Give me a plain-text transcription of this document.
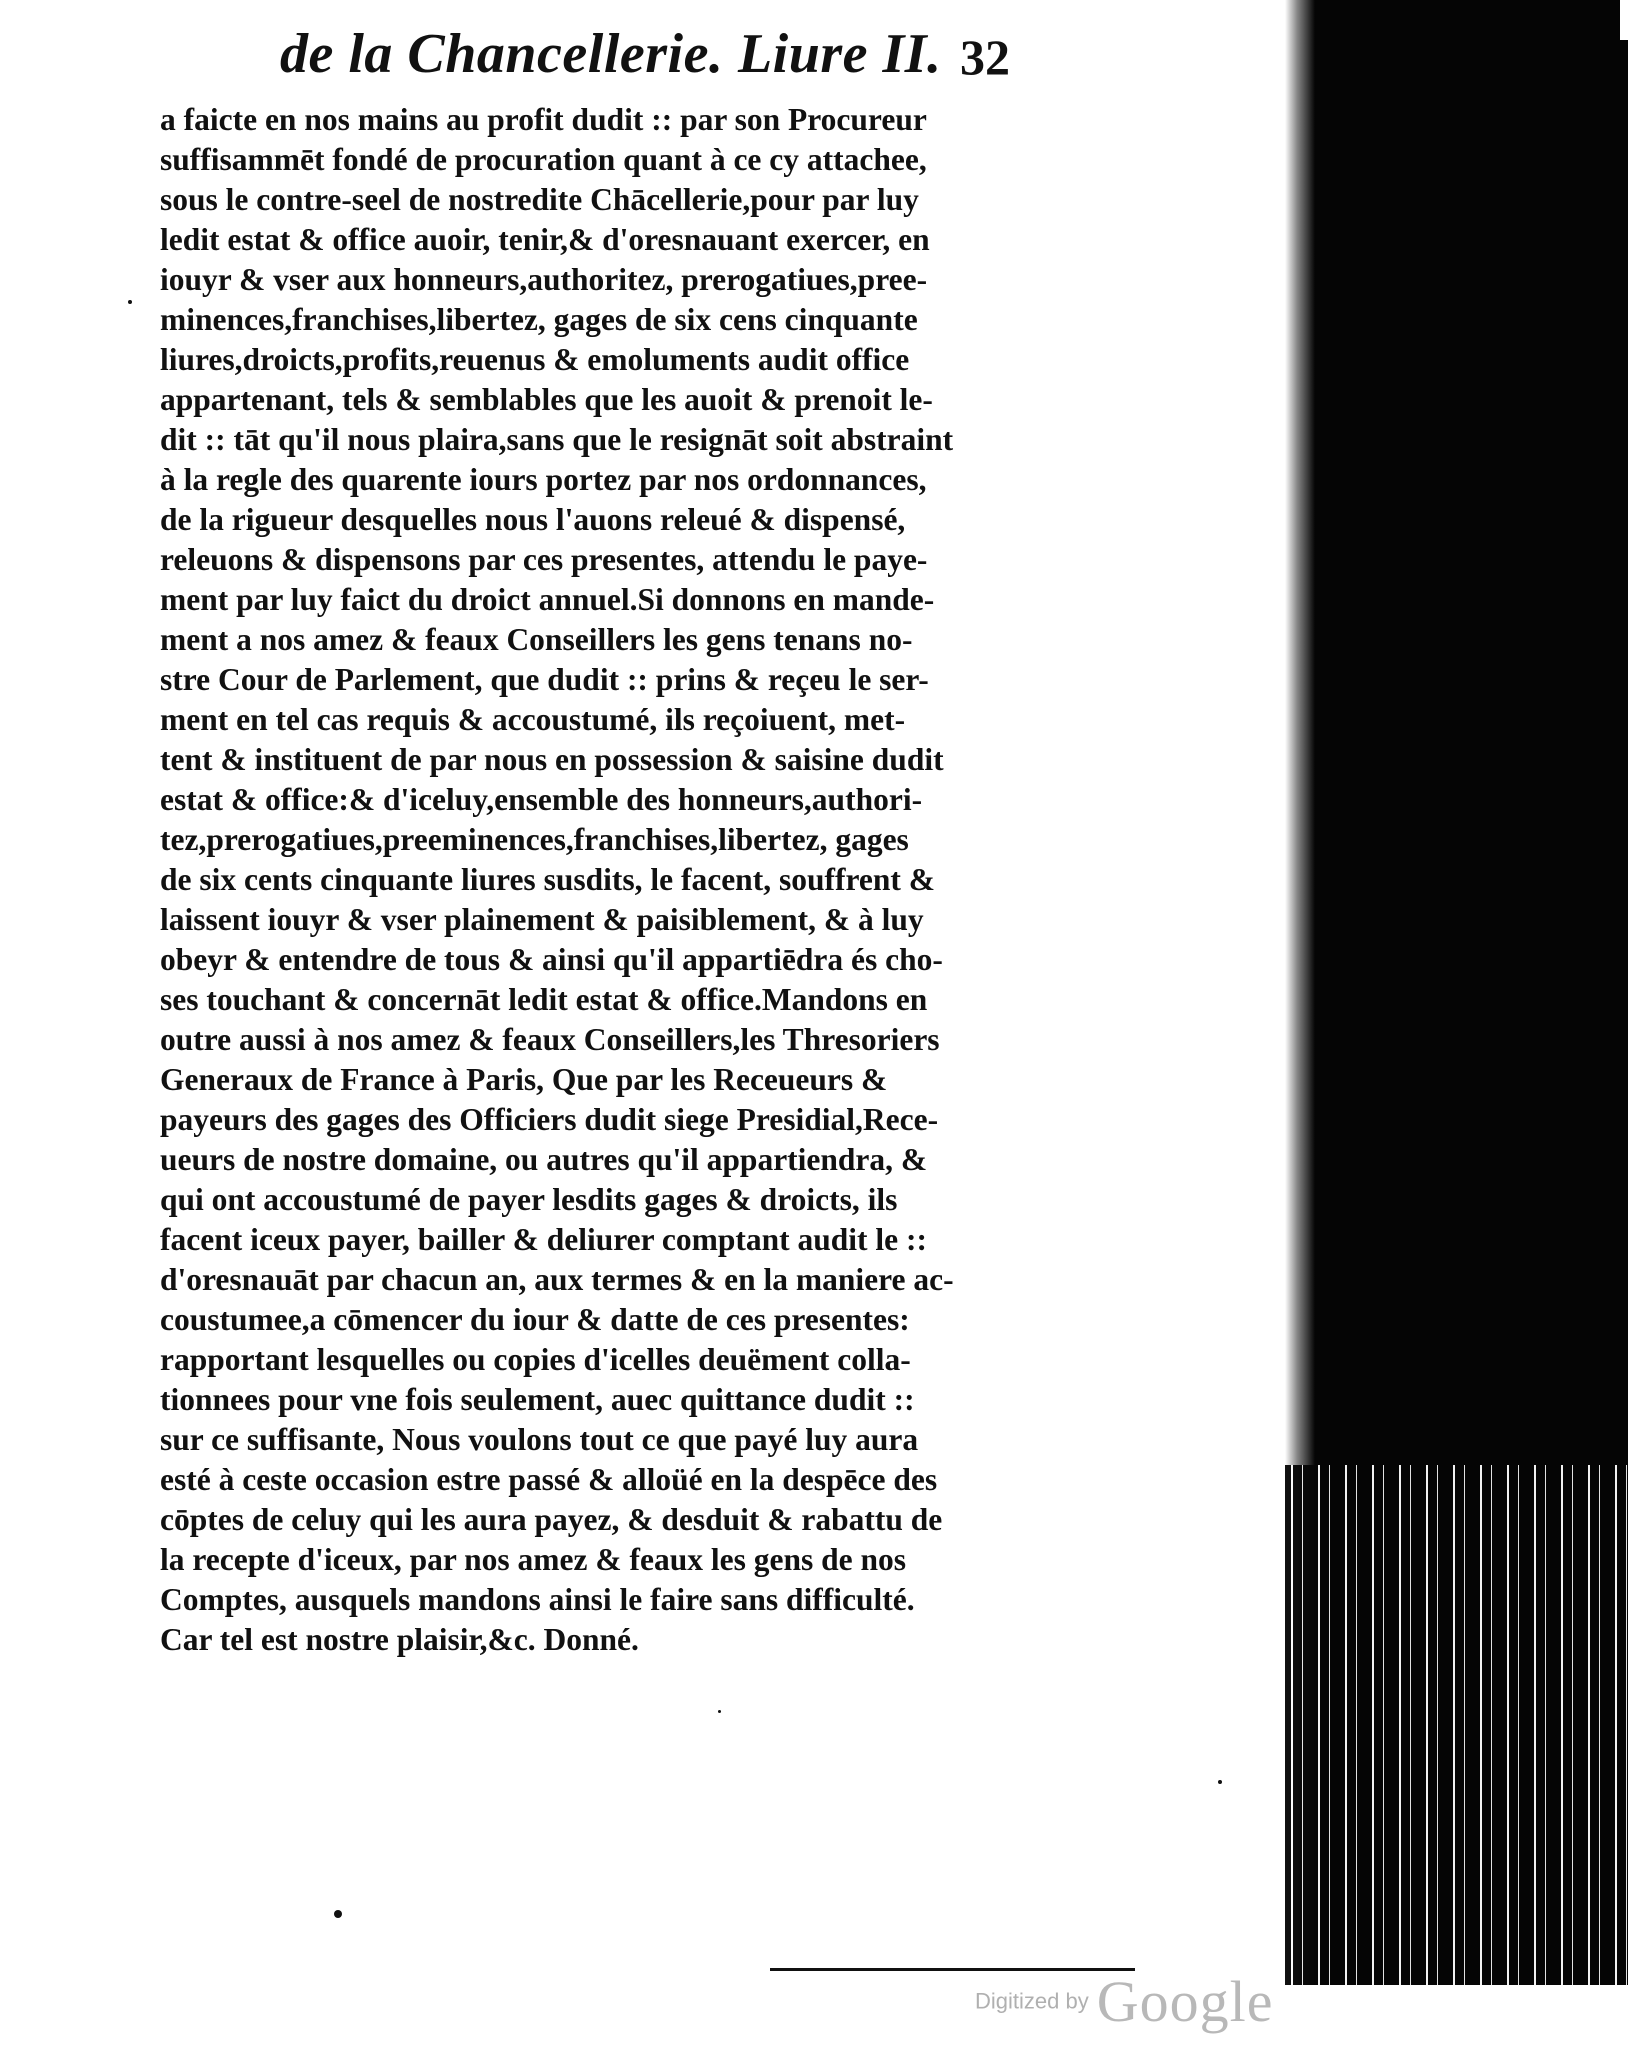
de la Chancellerie. Liure II. 32
a faicte en nos mains au profit dudit :: par son Procureur
suffisammēt fondé de procuration quant à ce cy attachee,
sous le contre-seel de nostredite Chācellerie,pour par luy
ledit estat & office auoir, tenir,& d'oresnauant exercer, en
iouyr & vser aux honneurs,authoritez, prerogatiues,pree-
minences,franchises,libertez, gages de six cens cinquante
liures,droicts,profits,reuenus & emoluments audit office
appartenant, tels & semblables que les auoit & prenoit le-
dit :: tāt qu'il nous plaira,sans que le resignāt soit abstraint
à la regle des quarente iours portez par nos ordonnances,
de la rigueur desquelles nous l'auons releué & dispensé,
releuons & dispensons par ces presentes, attendu le paye-
ment par luy faict du droict annuel.Si donnons en mande-
ment a nos amez & feaux Conseillers les gens tenans no-
stre Cour de Parlement, que dudit :: prins & reçeu le ser-
ment en tel cas requis & accoustumé, ils reçoiuent, met-
tent & instituent de par nous en possession & saisine dudit
estat & office:& d'iceluy,ensemble des honneurs,authori-
tez,prerogatiues,preeminences,franchises,libertez, gages
de six cents cinquante liures susdits, le facent, souffrent &
laissent iouyr & vser plainement & paisiblement, & à luy
obeyr & entendre de tous & ainsi qu'il appartiēdra és cho-
ses touchant & concernāt ledit estat & office.Mandons en
outre aussi à nos amez & feaux Conseillers,les Thresoriers
Generaux de France à Paris, Que par les Receueurs &
payeurs des gages des Officiers dudit siege Presidial,Rece-
ueurs de nostre domaine, ou autres qu'il appartiendra, &
qui ont accoustumé de payer lesdits gages & droicts, ils
facent iceux payer, bailler & deliurer comptant audit le ::
d'oresnauāt par chacun an, aux termes & en la maniere ac-
coustumee,a cōmencer du iour & datte de ces presentes:
rapportant lesquelles ou copies d'icelles deuëment colla-
tionnees pour vne fois seulement, auec quittance dudit ::
sur ce suffisante, Nous voulons tout ce que payé luy aura
esté à ceste occasion estre passé & alloüé en la despēce des
cōptes de celuy qui les aura payez, & desduit & rabattu de
la recepte d'iceux, par nos amez & feaux les gens de nos
Comptes, ausquels mandons ainsi le faire sans difficulté.
Car tel est nostre plaisir,&c. Donné.
Digitized by Google
